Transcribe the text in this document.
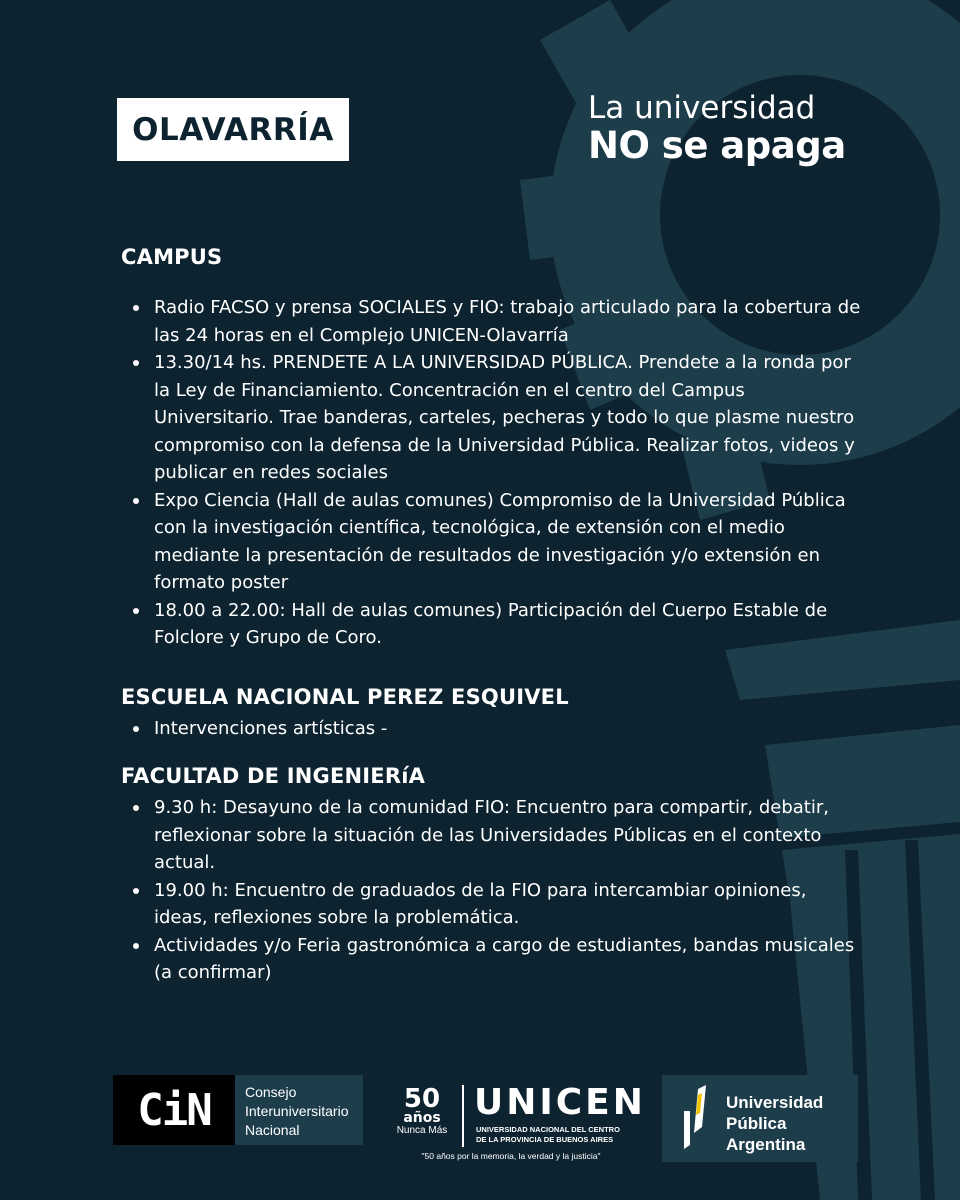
OLAVARRÍA
La universidad
NO se apaga
CAMPUS
Radio FACSO y prensa SOCIALES y FIO: trabajo articulado para la cobertura de las 24 horas en el Complejo UNICEN-Olavarría
13.30/14 hs. PRENDETE A LA UNIVERSIDAD PÚBLICA. Prendete a la ronda por la Ley de Financiamiento. Concentración en el centro del Campus Universitario. Trae banderas, carteles, pecheras y todo lo que plasme nuestro compromiso con la defensa de la Universidad Pública. Realizar fotos, videos y publicar en redes sociales
Expo Ciencia (Hall de aulas comunes) Compromiso de la Universidad Pública con la investigación científica, tecnológica, de extensión con el medio mediante la presentación de resultados de investigación y/o extensión en formato poster
18.00 a 22.00: Hall de aulas comunes) Participación del Cuerpo Estable de Folclore y Grupo de Coro.
ESCUELA NACIONAL PEREZ ESQUIVEL
Intervenciones artísticas -
FACULTAD DE INGENIERíA
9.30 h: Desayuno de la comunidad FIO: Encuentro para compartir, debatir, reflexionar sobre la situación de las Universidades Públicas en el contexto actual.
19.00 h: Encuentro de graduados de la FIO para intercambiar opiniones, ideas, reflexiones sobre la problemática.
Actividades y/o Feria gastronómica a cargo de estudiantes, bandas musicales (a confirmar)
CiN	Consejo
Interuniversitario
Nacional
50
años
Nunca Más
UNICEN
UNIVERSIDAD NACIONAL DEL CENTRO
DE LA PROVINCIA DE BUENOS AIRES
"50 años por la memoria, la verdad y la justicia"
Universidad
Pública
Argentina
